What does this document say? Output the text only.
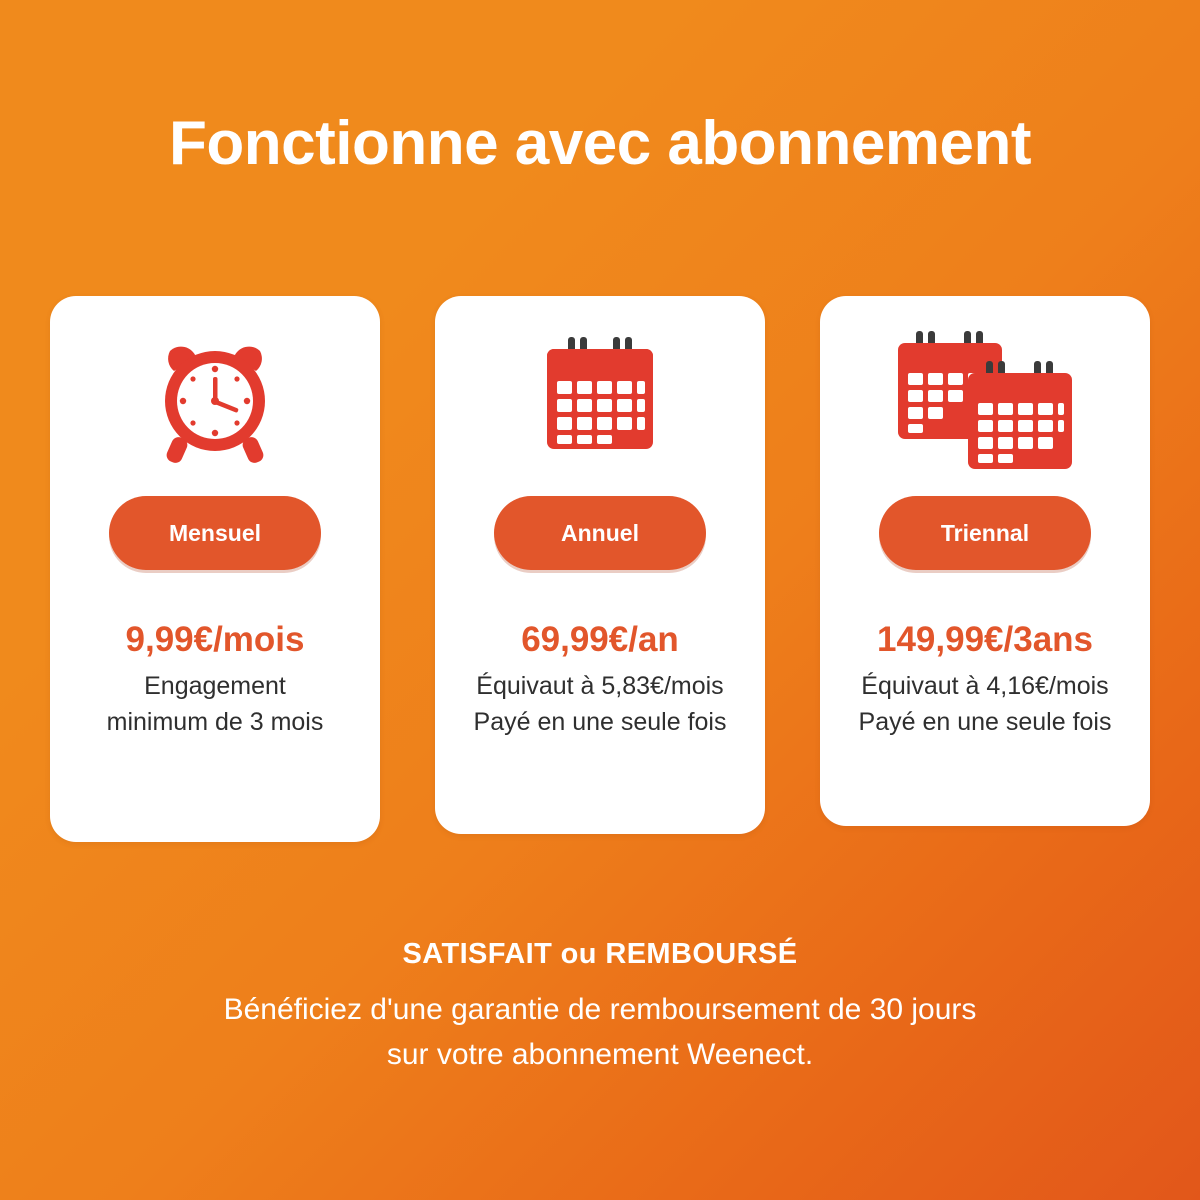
Fonctionne avec abonnement
Mensuel
9,99€/mois
Engagement
minimum de 3 mois
Annuel
69,99€/an
Équivaut à 5,83€/mois
Payé en une seule fois
Triennal
149,99€/3ans
Équivaut à 4,16€/mois
Payé en une seule fois
SATISFAIT ou REMBOURSÉ
Bénéficiez d'une garantie de remboursement de 30 jours
sur votre abonnement Weenect.
